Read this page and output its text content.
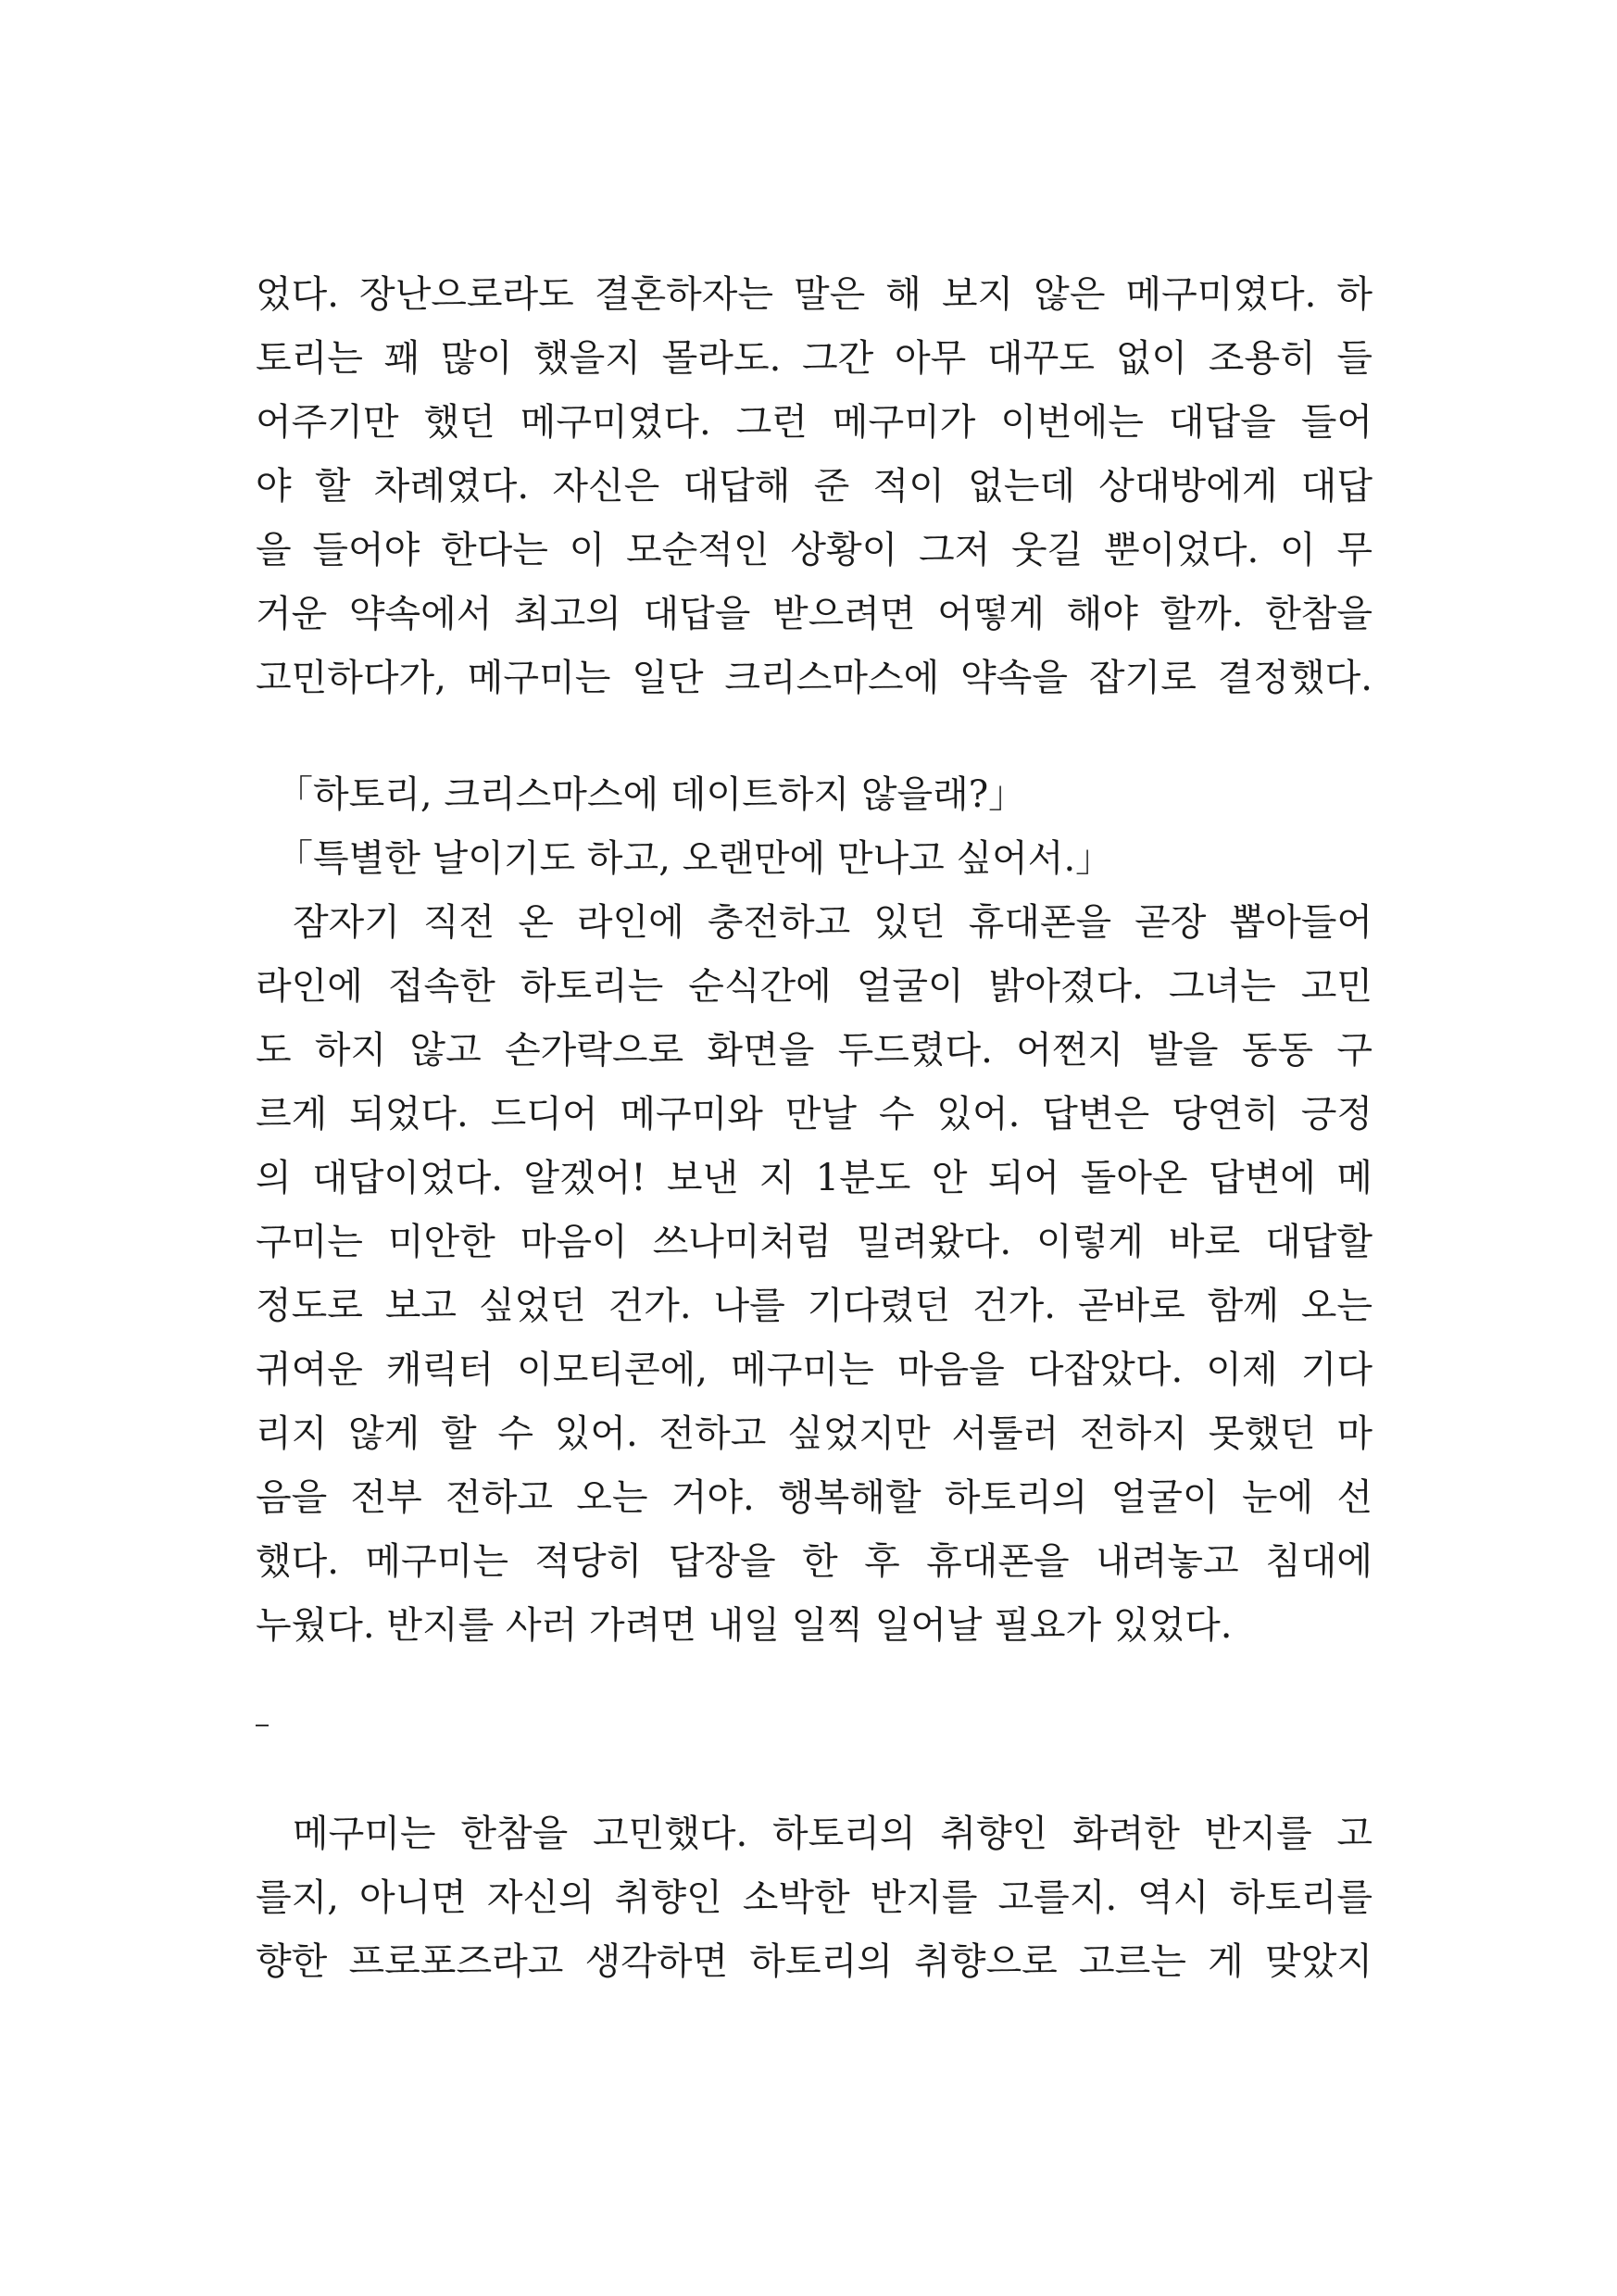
었다. 장난으로라도 결혼하자는 말은 해 보지 않은 메구미였다. 하
토리는 꽤 많이 했을지 몰라도. 그간 아무 대꾸도 없이 조용히 들
어주기만 했던 메구미였다. 그런 메구미가 이번에는 대답을 들어
야 할 차례였다. 자신은 대답해 준 적이 없는데 상대방에게 대답
을 들어야 한다는 이 모순적인 상황이 그저 웃길 뿐이었다. 이 무
거운 약속에서 최고의 대답을 받으려면 어떻게 해야 할까. 한참을
고민하다가, 메구미는 일단 크리스마스에 약속을 잡기로 결정했다.
「하토리, 크리스마스에 데이트하지 않을래?」
「특별한 날이기도 하고, 오랜만에 만나고 싶어서.」
잠자기 직전 온 라인에 충전하고 있던 휴대폰을 곧장 뽑아들어
라인에 접속한 하토리는 순식간에 얼굴이 밝아졌다. 그녀는 고민
도 하지 않고 손가락으로 화면을 두드렸다. 어쩐지 발을 동동 구
르게 되었다. 드디어 메구미와 만날 수 있어. 답변은 당연히 긍정
의 대답이었다. 알겠어! 보낸 지 1분도 안 되어 돌아온 답변에 메
구미는 미안한 마음이 쓰나미처럼 밀려왔다. 이렇게 바로 대답할
정도로 보고 싶었던 건가. 나를 기다렸던 건가. 곧바로 함께 오는
귀여운 캐릭터 이모티콘에, 메구미는 마음을 다잡았다. 이제 기다
리지 않게 할 수 있어. 전하고 싶었지만 서툴러 전하지 못했던 마
음을 전부 전하고 오는 거야. 행복해할 하토리의 얼굴이 눈에 선
했다. 메구미는 적당히 답장을 한 후 휴대폰을 내려놓고 침대에
누웠다. 반지를 사러 가려면 내일 일찍 일어날 필요가 있었다.
메구미는 한참을 고민했다. 하토리의 취향인 화려한 반지를 고
를지, 아니면 자신의 취향인 소박한 반지를 고를지. 역시 하토리를
향한 프로포즈라고 생각하면 하토리의 취향으로 고르는 게 맞았지
